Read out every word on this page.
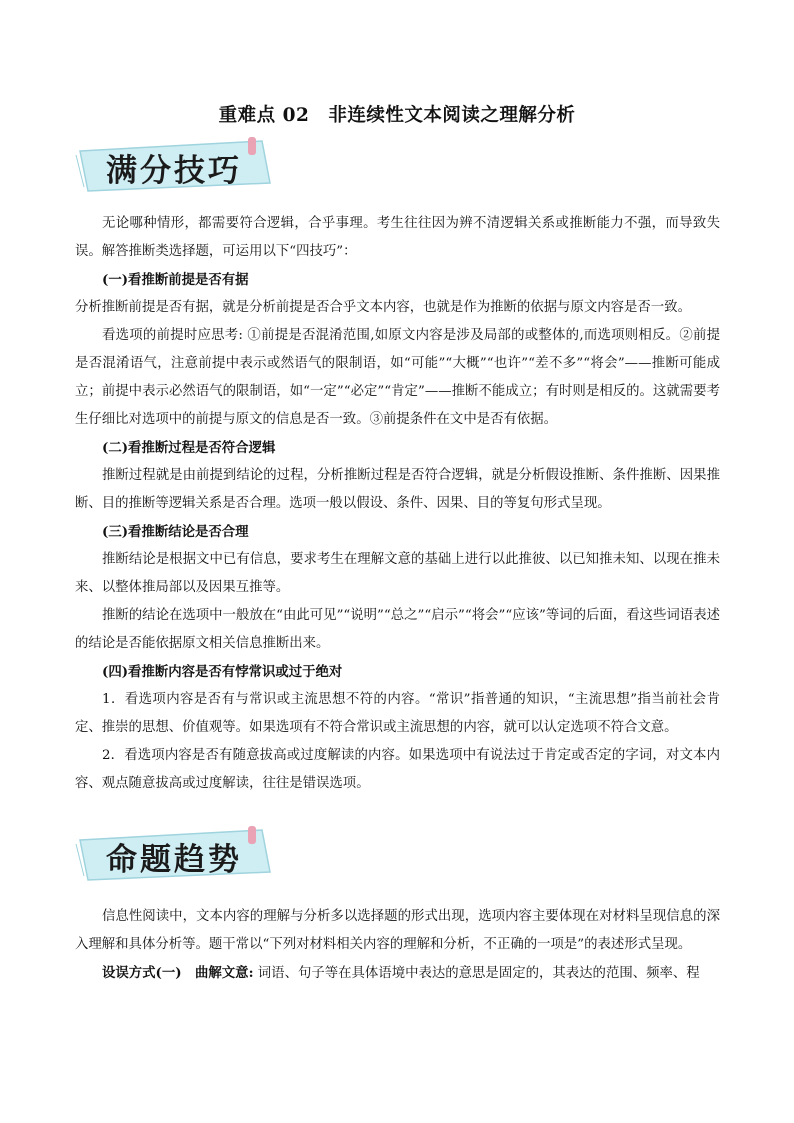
重难点 02　非连续性文本阅读之理解分析
满分技巧

无论哪种情形，都需要符合逻辑，合乎事理。考生往往因为辨不清逻辑关系或推断能力不强，而导致失误。解答推断类选择题，可运用以下“四技巧”：

(一)看推断前提是否有据

分析推断前提是否有据，就是分析前提是否合乎文本内容，也就是作为推断的依据与原文内容是否一致。

看选项的前提时应思考: ①前提是否混淆范围,如原文内容是涉及局部的或整体的,而选项则相反。②前提是否混淆语气，注意前提中表示或然语气的限制语，如“可能”“大概”“也许”“差不多”“将会”——推断可能成立；前提中表示必然语气的限制语，如“一定”“必定”“肯定”——推断不能成立；有时则是相反的。这就需要考生仔细比对选项中的前提与原文的信息是否一致。③前提条件在文中是否有依据。

(二)看推断过程是否符合逻辑

推断过程就是由前提到结论的过程，分析推断过程是否符合逻辑，就是分析假设推断、条件推断、因果推断、目的推断等逻辑关系是否合理。选项一般以假设、条件、因果、目的等复句形式呈现。

(三)看推断结论是否合理

推断结论是根据文中已有信息，要求考生在理解文意的基础上进行以此推彼、以已知推未知、以现在推未来、以整体推局部以及因果互推等。

推断的结论在选项中一般放在“由此可见”“说明”“总之”“启示”“将会”“应该”等词的后面，看这些词语表述的结论是否能依据原文相关信息推断出来。

(四)看推断内容是否有悖常识或过于绝对

1．看选项内容是否有与常识或主流思想不符的内容。“常识”指普通的知识，“主流思想”指当前社会肯定、推崇的思想、价值观等。如果选项有不符合常识或主流思想的内容，就可以认定选项不符合文意。

2．看选项内容是否有随意拔高或过度解读的内容。如果选项中有说法过于肯定或否定的字词，对文本内容、观点随意拔高或过度解读，往往是错误选项。

命题趋势

信息性阅读中，文本内容的理解与分析多以选择题的形式出现，选项内容主要体现在对材料呈现信息的深入理解和具体分析等。题干常以“下列对材料相关内容的理解和分析，不正确的一项是”的表述形式呈现。

设误方式(一)　曲解文意: 词语、句子等在具体语境中表达的意思是固定的，其表达的范围、频率、程
